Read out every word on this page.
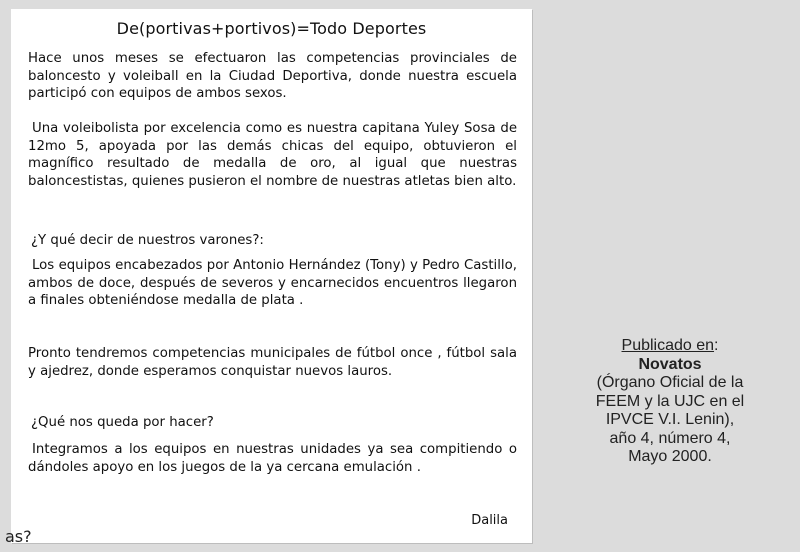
De(portivas+portivos)=Todo Deportes
Hace unos meses se efectuaron las competencias provinciales de baloncesto y voleiball en la Ciudad Deportiva, donde nuestra escuela participó con equipos de ambos sexos.
Una voleibolista por excelencia como es nuestra capitana Yuley Sosa de 12mo 5, apoyada por las demás chicas del equipo, obtuvieron el magnífico resultado de medalla de oro, al igual que nuestras baloncestistas, quienes pusieron el nombre de nuestras atletas bien alto.
¿Y qué decir de nuestros varones?:
Los equipos encabezados por Antonio Hernández (Tony) y Pedro Castillo, ambos de doce, después de severos y encarnecidos encuentros llegaron a finales obteniéndose medalla de plata .
Pronto tendremos competencias municipales de fútbol once , fútbol sala y ajedrez, donde esperamos conquistar nuevos lauros.
¿Qué nos queda por hacer?
Integramos a los equipos en nuestras unidades ya sea compitiendo o dándoles apoyo en los juegos de la ya cercana emulación .
Dalila
as?
Publicado en:
Novatos
(Órgano Oficial de la
FEEM y la UJC en el
IPVCE V.I. Lenin),
año 4, número 4,
Mayo 2000.
